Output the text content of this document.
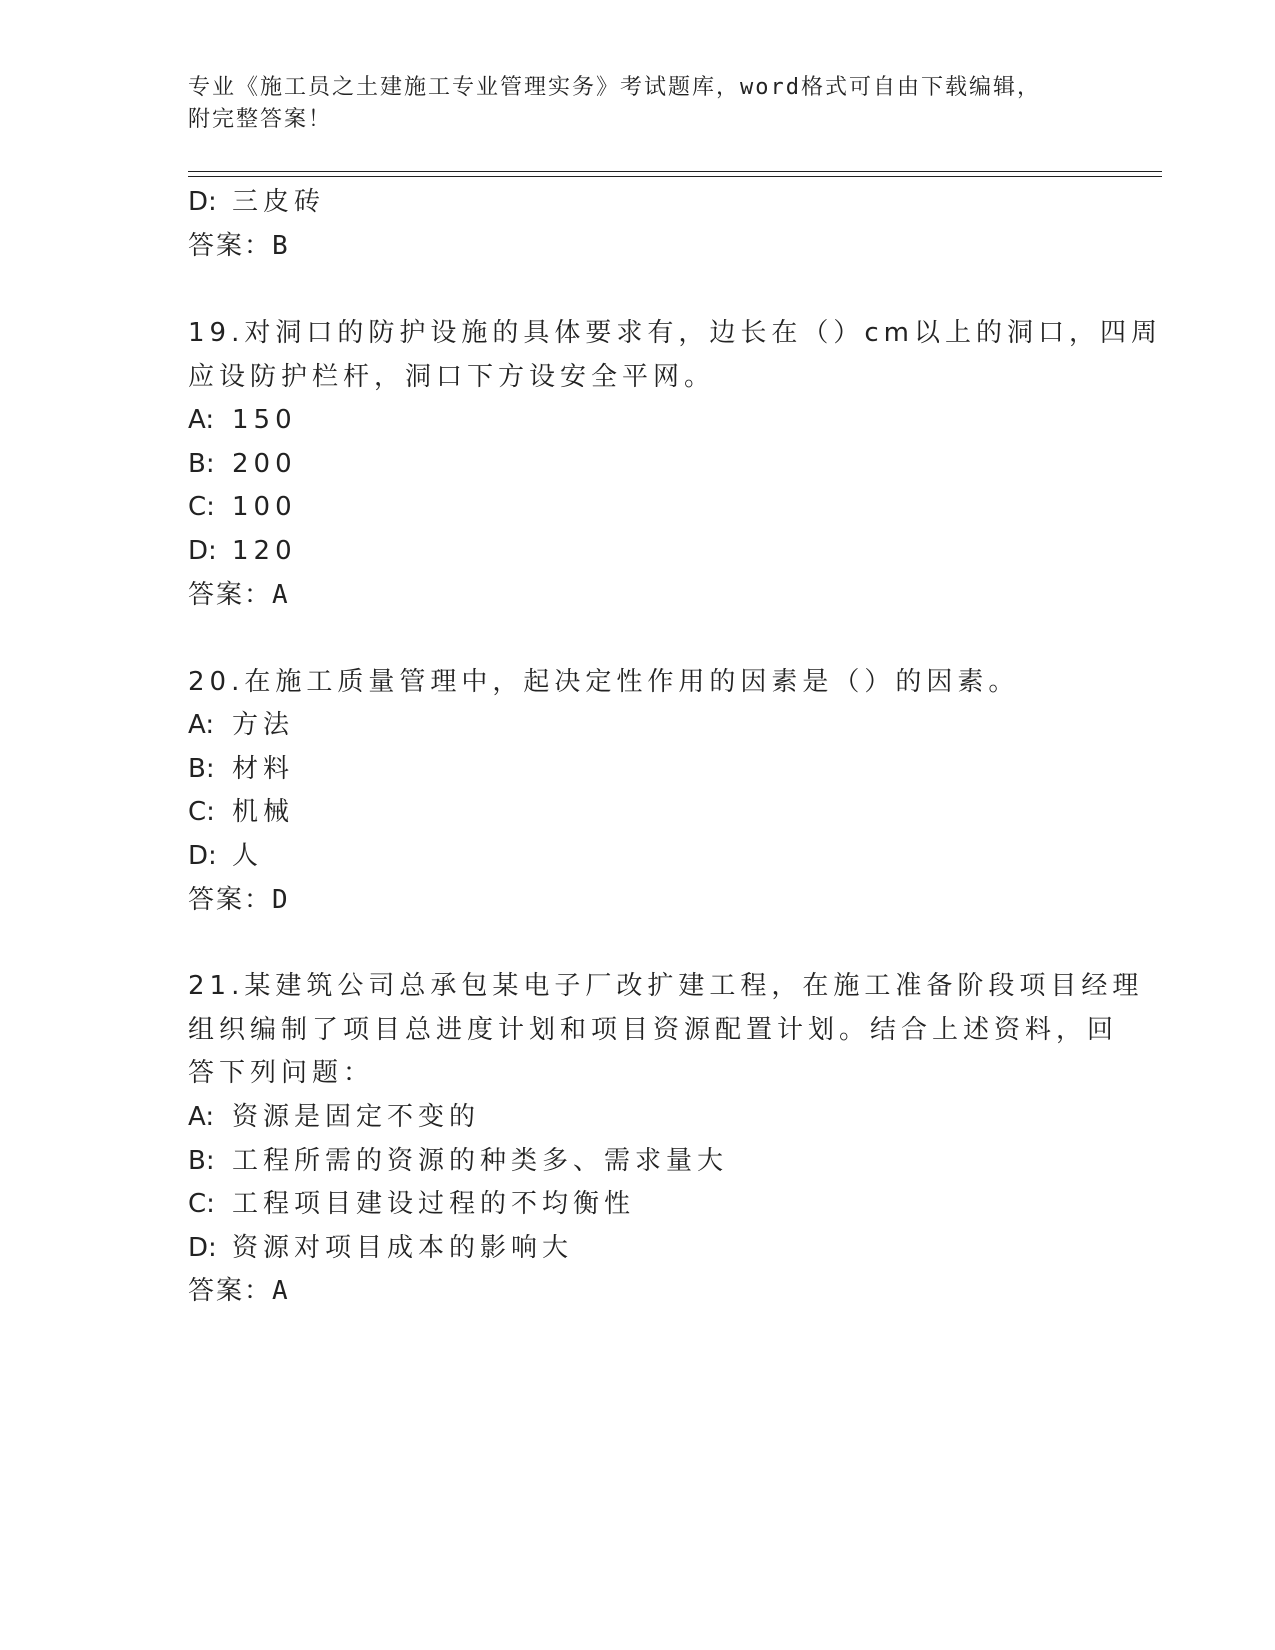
专业《施工员之土建施工专业管理实务》考试题库，word格式可自由下载编辑，
附完整答案！
D: 三皮砖
答案：B
19.对洞口的防护设施的具体要求有，边长在（）cm以上的洞口，四周
应设防护栏杆，洞口下方设安全平网。
A: 150
B: 200
C: 100
D: 120
答案：A
20.在施工质量管理中，起决定性作用的因素是（）的因素。
A: 方法
B: 材料
C: 机械
D: 人
答案：D
21.某建筑公司总承包某电子厂改扩建工程，在施工准备阶段项目经理
组织编制了项目总进度计划和项目资源配置计划。结合上述资料，回
答下列问题：
A: 资源是固定不变的
B: 工程所需的资源的种类多、需求量大
C: 工程项目建设过程的不均衡性
D: 资源对项目成本的影响大
答案：A
